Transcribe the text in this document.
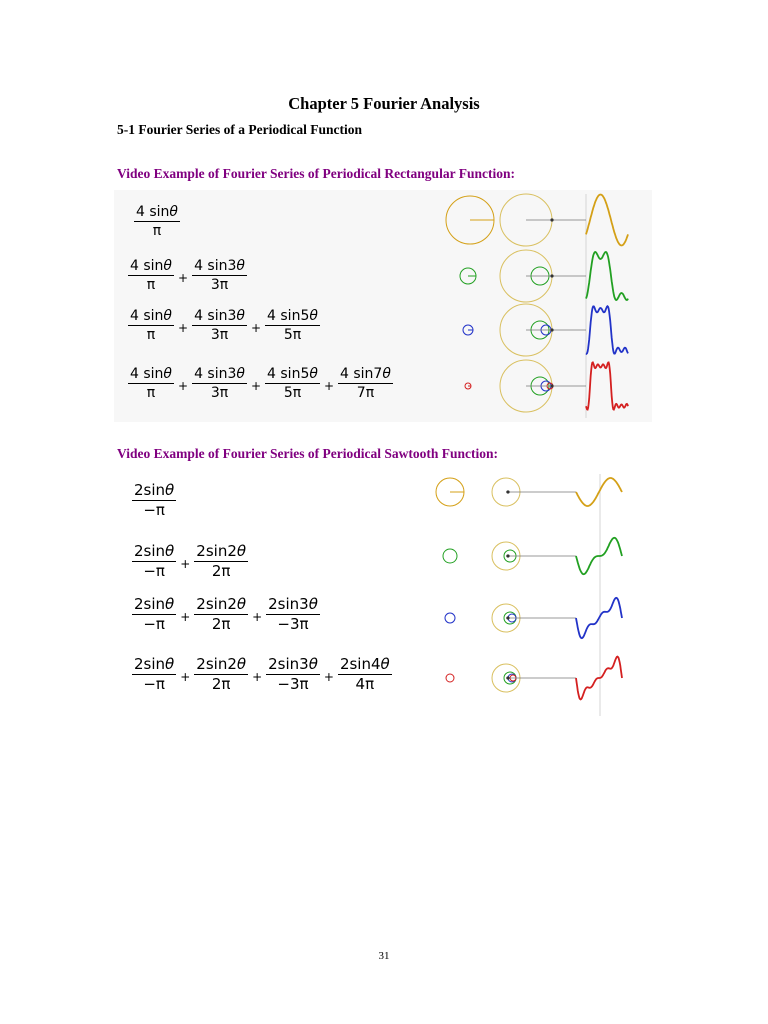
Chapter 5 Fourier Analysis
5-1 Fourier Series of a Periodical Function
Video Example of Fourier Series of Periodical Rectangular Function:
$\frac{4 \sin\theta}{\pi}$
$\frac{4 \sin\theta}{\pi} + \frac{4 \sin 3\theta}{3\pi}$
$\frac{4 \sin\theta}{\pi} + \frac{4 \sin 3\theta}{3\pi} + \frac{4 \sin 5\theta}{5\pi}$
$\frac{4 \sin\theta}{\pi} + \frac{4 \sin 3\theta}{3\pi} + \frac{4 \sin 5\theta}{5\pi} + \frac{4 \sin 7\theta}{7\pi}$
Video Example of Fourier Series of Periodical Sawtooth Function:
$\frac{2\sin\theta}{-\pi}$
$\frac{2\sin\theta}{-\pi} + \frac{2\sin 2\theta}{2\pi}$
$\frac{2\sin\theta}{-\pi} + \frac{2\sin 2\theta}{2\pi} + \frac{2\sin 3\theta}{-3\pi}$
$\frac{2\sin\theta}{-\pi} + \frac{2\sin 2\theta}{2\pi} + \frac{2\sin 3\theta}{-3\pi} + \frac{2\sin 4\theta}{4\pi}$
31
